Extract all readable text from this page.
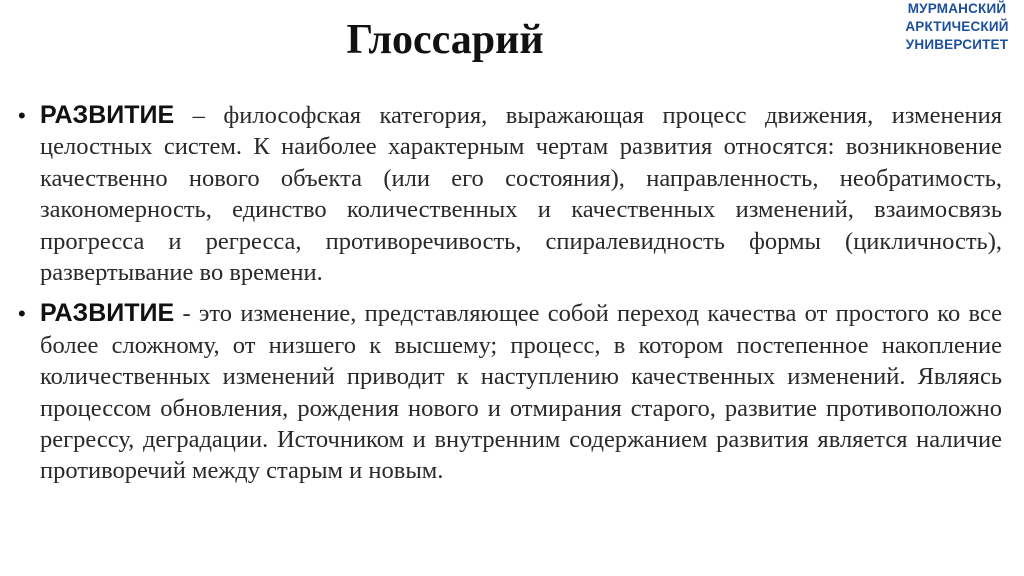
Глоссарий
МУРМАНСКИЙ
АРКТИЧЕСКИЙ
УНИВЕРСИТЕТ
• РАЗВИТИЕ – философская категория, выражающая процесс движения, изменения целостных систем. К наиболее характерным чертам развития относятся: возникновение качественно нового объекта (или его состояния), направленность, необратимость, закономерность, единство количественных и качественных изменений, взаимосвязь прогресса и регресса, противоречивость, спиралевидность формы (цикличность), развертывание во времени.

• РАЗВИТИЕ - это изменение, представляющее собой переход качества от простого ко все более сложному, от низшего к высшему; процесс, в котором постепенное накопление количественных изменений приводит к наступлению качественных изменений. Являясь процессом обновления, рождения нового и отмирания старого, развитие противоположно регрессу, деградации. Источником и внутренним содержанием развития является наличие противоречий между старым и новым.
